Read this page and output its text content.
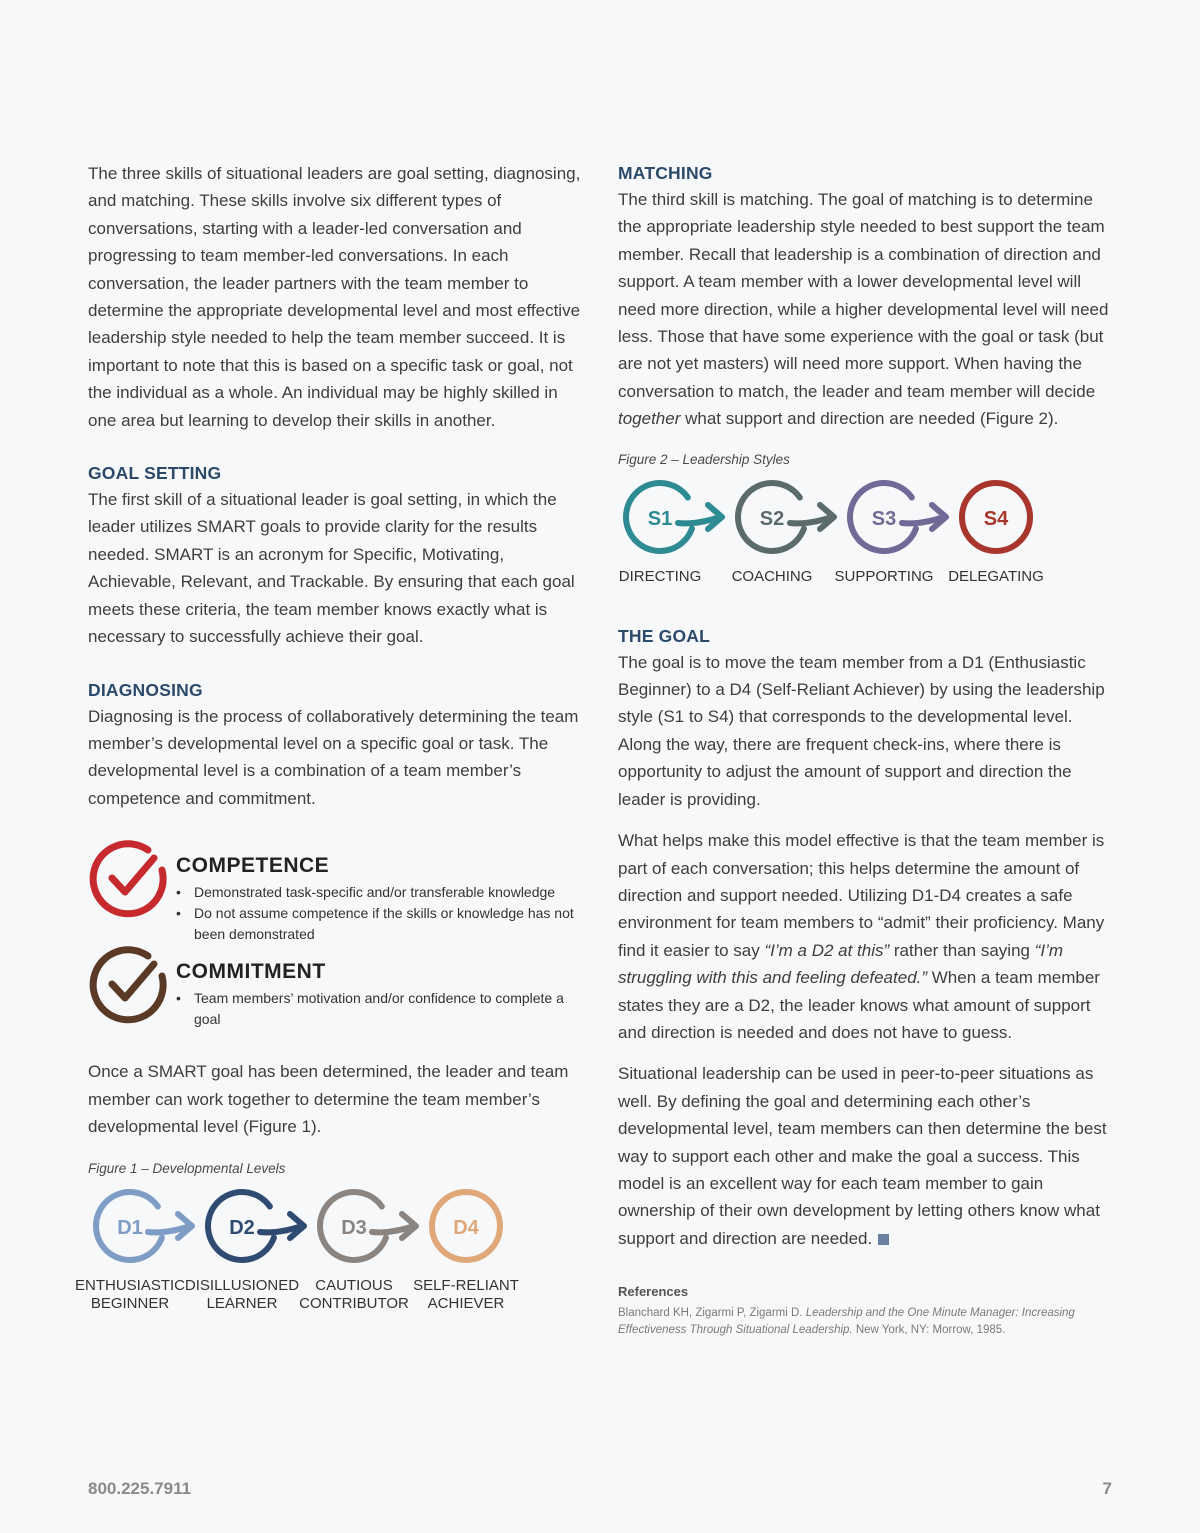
The three skills of situational leaders are goal setting, diagnosing, and matching. These skills involve six different types of conversations, starting with a leader-led conversation and progressing to team member-led conversations. In each conversation, the leader partners with the team member to determine the appropriate developmental level and most effective leadership style needed to help the team member succeed. It is important to note that this is based on a specific task or goal, not the individual as a whole. An individual may be highly skilled in one area but learning to develop their skills in another.

GOAL SETTING

The first skill of a situational leader is goal setting, in which the leader utilizes SMART goals to provide clarity for the results needed. SMART is an acronym for Specific, Motivating, Achievable, Relevant, and Trackable. By ensuring that each goal meets these criteria, the team member knows exactly what is necessary to successfully achieve their goal.

DIAGNOSING

Diagnosing is the process of collaboratively determining the team member’s developmental level on a specific goal or task. The developmental level is a combination of a team member’s competence and commitment.

COMPETENCE
• Demonstrated task-specific and/or transferable knowledge
• Do not assume competence if the skills or knowledge has not been demonstrated
COMMITMENT
• Team members’ motivation and/or confidence to complete a goal

Once a SMART goal has been determined, the leader and team member can work together to determine the team member’s developmental level (Figure 1).

Figure 1 – Developmental Levels

D1
ENTHUSIASTIC
BEGINNER
D2
DISILLUSIONED
LEARNER
D3
CAUTIOUS
CONTRIBUTOR
D4
SELF-RELIANT
ACHIEVER
MATCHING

The third skill is matching. The goal of matching is to determine the appropriate leadership style needed to best support the team member. Recall that leadership is a combination of direction and support. A team member with a lower developmental level will need more direction, while a higher developmental level will need less. Those that have some experience with the goal or task (but are not yet masters) will need more support. When having the conversation to match, the leader and team member will decide together what support and direction are needed (Figure 2).

Figure 2 – Leadership Styles

S1
DIRECTING
S2
COACHING
S3
SUPPORTING
S4
DELEGATING
THE GOAL

The goal is to move the team member from a D1 (Enthusiastic Beginner) to a D4 (Self-Reliant Achiever) by using the leadership style (S1 to S4) that corresponds to the developmental level. Along the way, there are frequent check-ins, where there is opportunity to adjust the amount of support and direction the leader is providing.

What helps make this model effective is that the team member is part of each conversation; this helps determine the amount of direction and support needed. Utilizing D1-D4 creates a safe environment for team members to “admit” their proficiency. Many find it easier to say “I’m a D2 at this” rather than saying “I’m struggling with this and feeling defeated.” When a team member states they are a D2, the leader knows what amount of support and direction is needed and does not have to guess.

Situational leadership can be used in peer-to-peer situations as well. By defining the goal and determining each other’s developmental level, team members can then determine the best way to support each other and make the goal a success. This model is an excellent way for each team member to gain ownership of their own development by letting others know what support and direction are needed.

References

Blanchard KH, Zigarmi P, Zigarmi D. Leadership and the One Minute Manager: Increasing Effectiveness Through Situational Leadership. New York, NY: Morrow, 1985.

800.225.7911	7
